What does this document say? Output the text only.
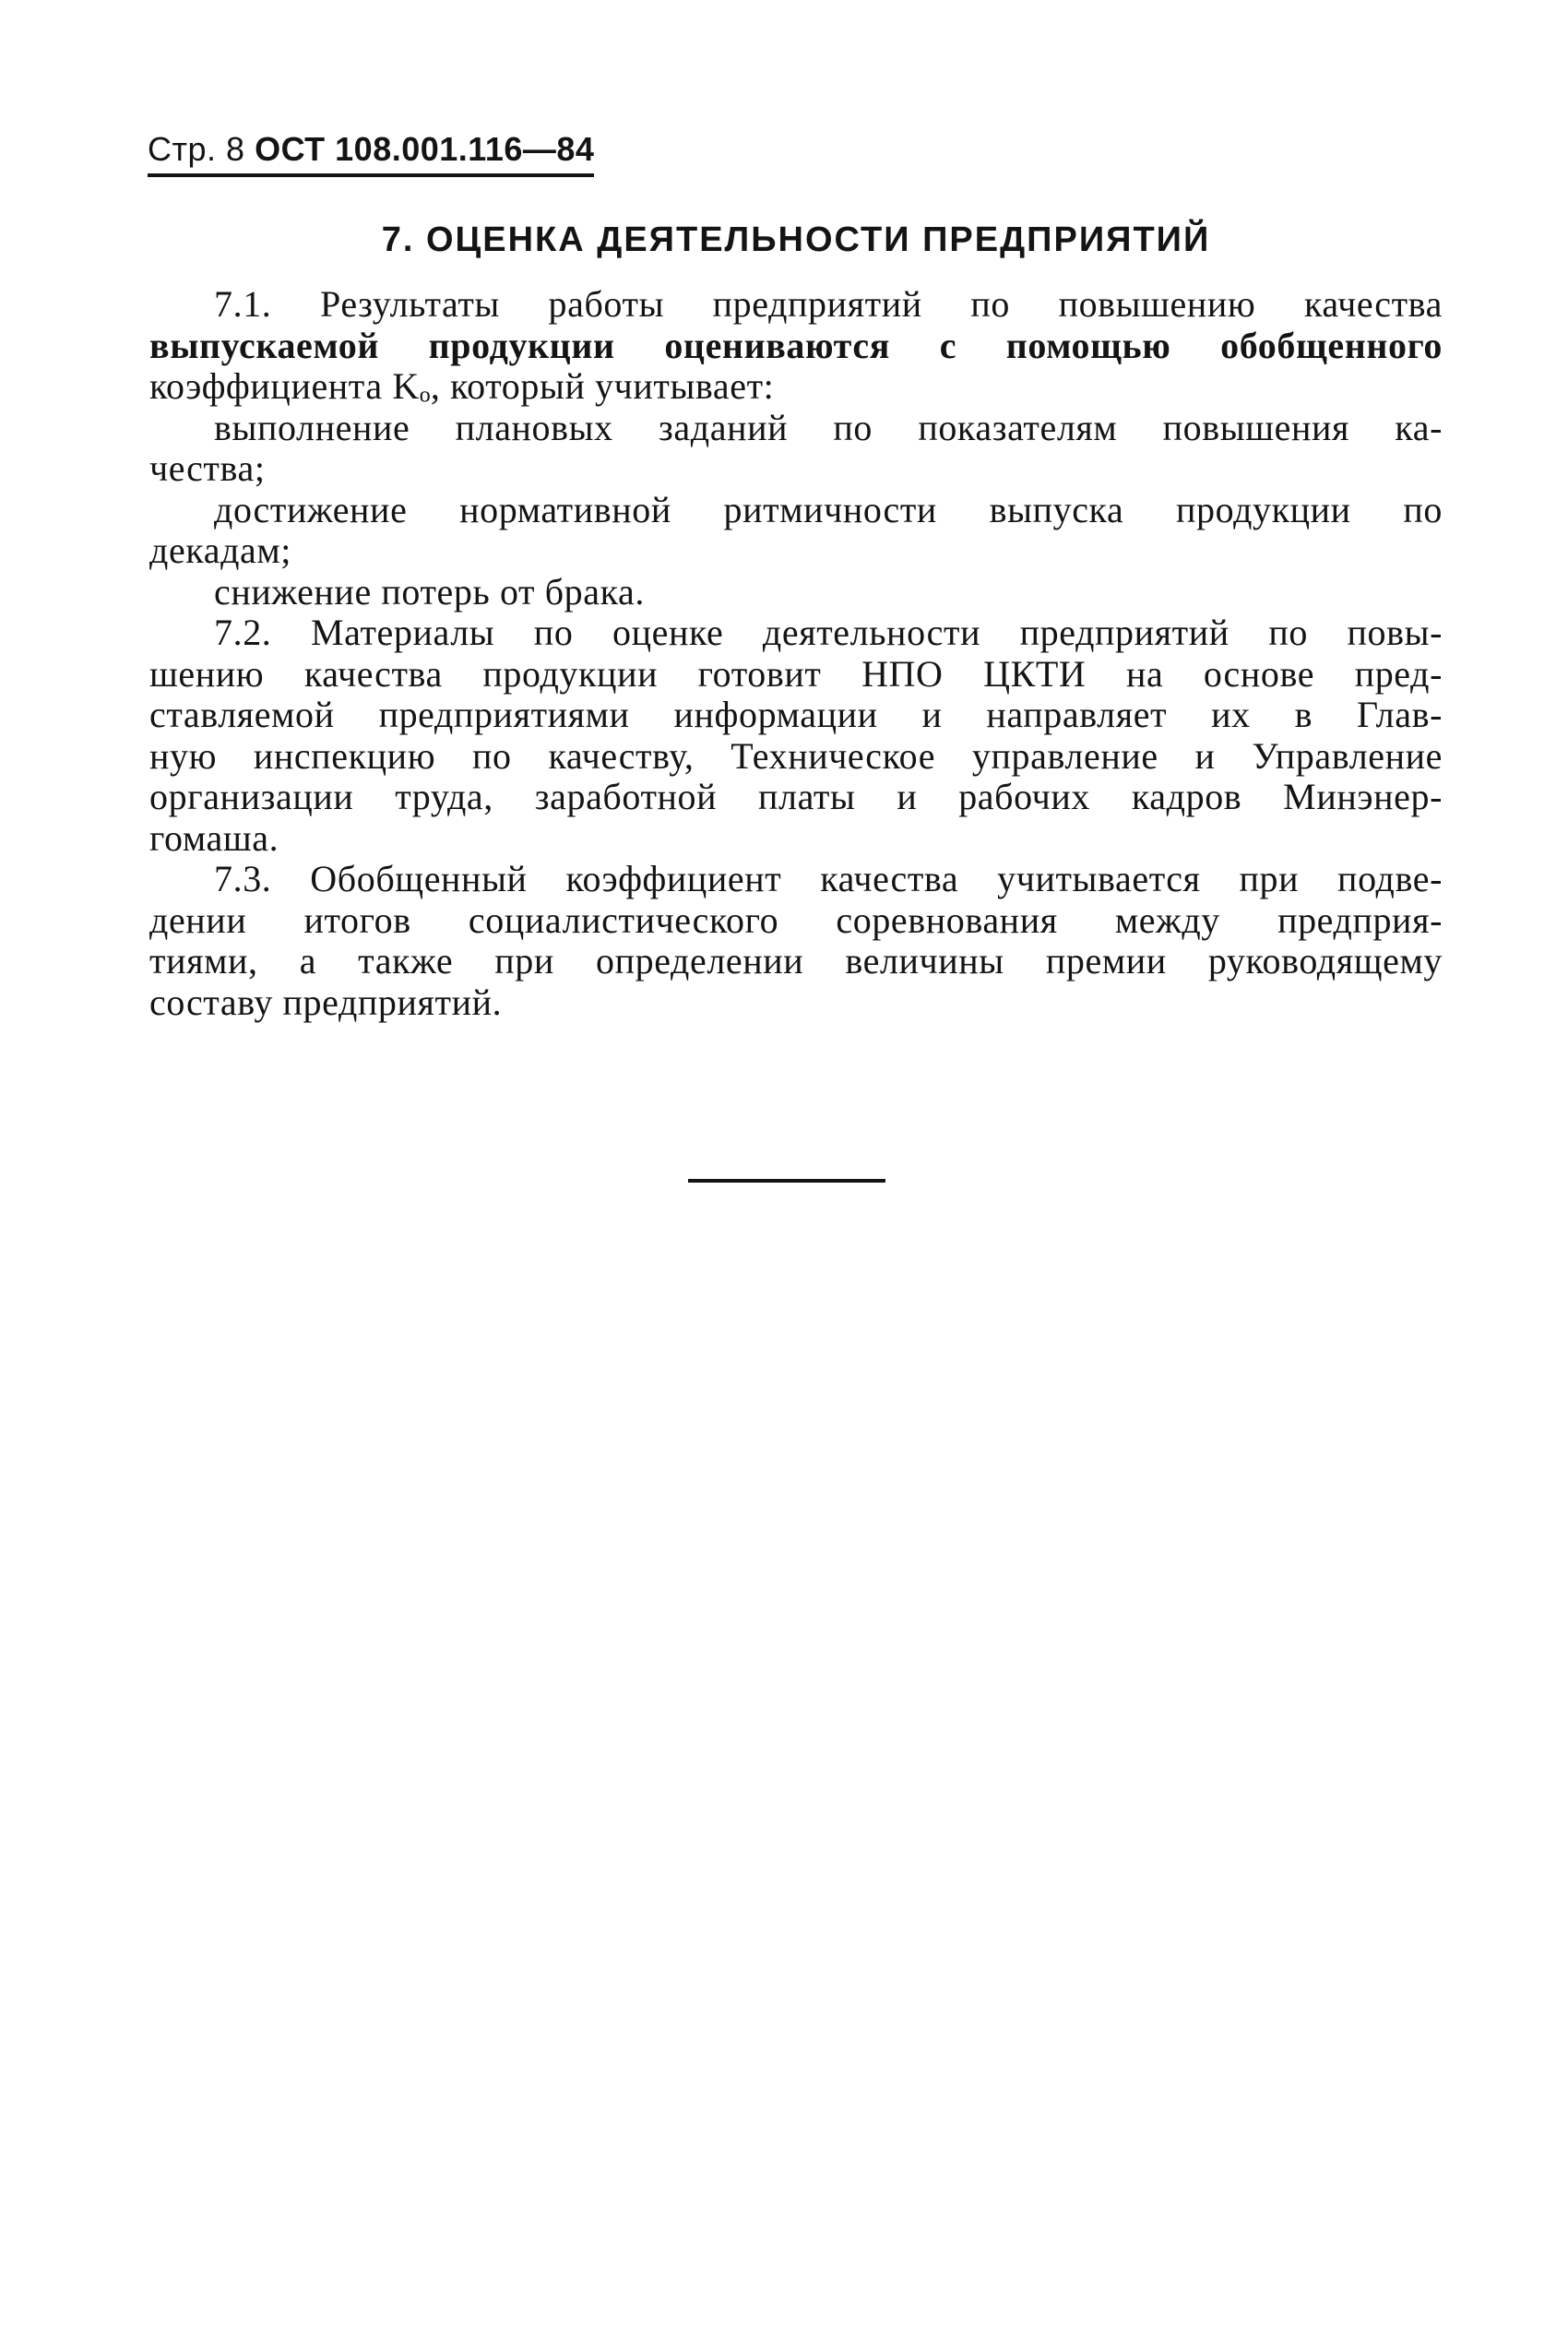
Стр. 8 ОСТ 108.001.116—84
7. ОЦЕНКА ДЕЯТЕЛЬНОСТИ ПРЕДПРИЯТИЙ
7.1. Результаты работы предприятий по повышению качества
выпускаемой продукции оцениваются с помощью обобщенного
коэффициента Kₒ, который учитывает:
выполнение плановых заданий по показателям повышения ка-
чества;
достижение нормативной ритмичности выпуска продукции по
декадам;
снижение потерь от брака.
7.2. Материалы по оценке деятельности предприятий по повы-
шению качества продукции готовит НПО ЦКТИ на основе пред-
ставляемой предприятиями информации и направляет их в Глав-
ную инспекцию по качеству, Техническое управление и Управление
организации труда, заработной платы и рабочих кадров Минэнер-
гомаша.
7.3. Обобщенный коэффициент качества учитывается при подве-
дении итогов социалистического соревнования между предприя-
тиями, а также при определении величины премии руководящему
составу предприятий.
